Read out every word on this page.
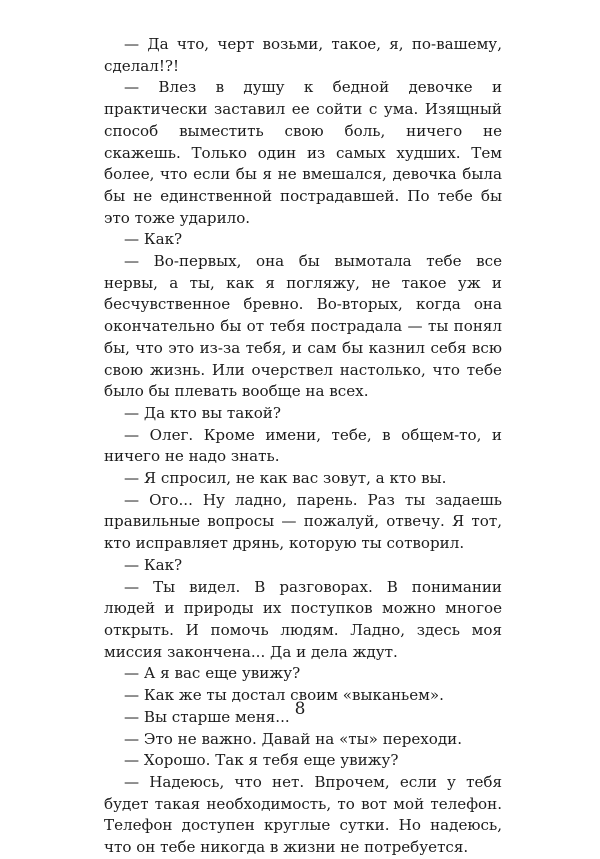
— Да что, черт возьми, такое, я, по-вашему, сделал!?!

— Влез в душу к бедной девочке и практически заставил ее сойти с ума. Изящный способ выместить свою боль, ничего не скажешь. Только один из самых худших. Тем более, что если бы я не вмешался, девочка была бы не единственной пострадавшей. По тебе бы это тоже ударило.

— Как?

— Во-первых, она бы вымотала тебе все нервы, а ты, как я погляжу, не такое уж и бесчувственное бревно. Во-вторых, когда она окончательно бы от тебя пострадала — ты понял бы, что это из-за тебя, и сам бы казнил себя всю свою жизнь. Или очерствел настолько, что тебе было бы плевать вообще на всех.

— Да кто вы такой?

— Олег. Кроме имени, тебе, в общем-то, и ничего не надо знать.

— Я спросил, не как вас зовут, а кто вы.

— Ого... Ну ладно, парень. Раз ты задаешь правильные вопросы — пожалуй, отвечу. Я тот, кто исправляет дрянь, которую ты сотворил.

— Как?

— Ты видел. В разговорах. В понимании людей и природы их поступков можно многое открыть. И помочь людям. Ладно, здесь моя миссия закончена... Да и дела ждут.

— А я вас еще увижу?

— Как же ты достал своим «выканьем».

— Вы старше меня...

— Это не важно. Давай на «ты» переходи.

— Хорошо. Так я тебя еще увижу?

— Надеюсь, что нет. Впрочем, если у тебя будет такая необходимость, то вот мой телефон. Телефон доступен круглые сутки. Но надеюсь, что он тебе никогда в жизни не потребуется.

8
